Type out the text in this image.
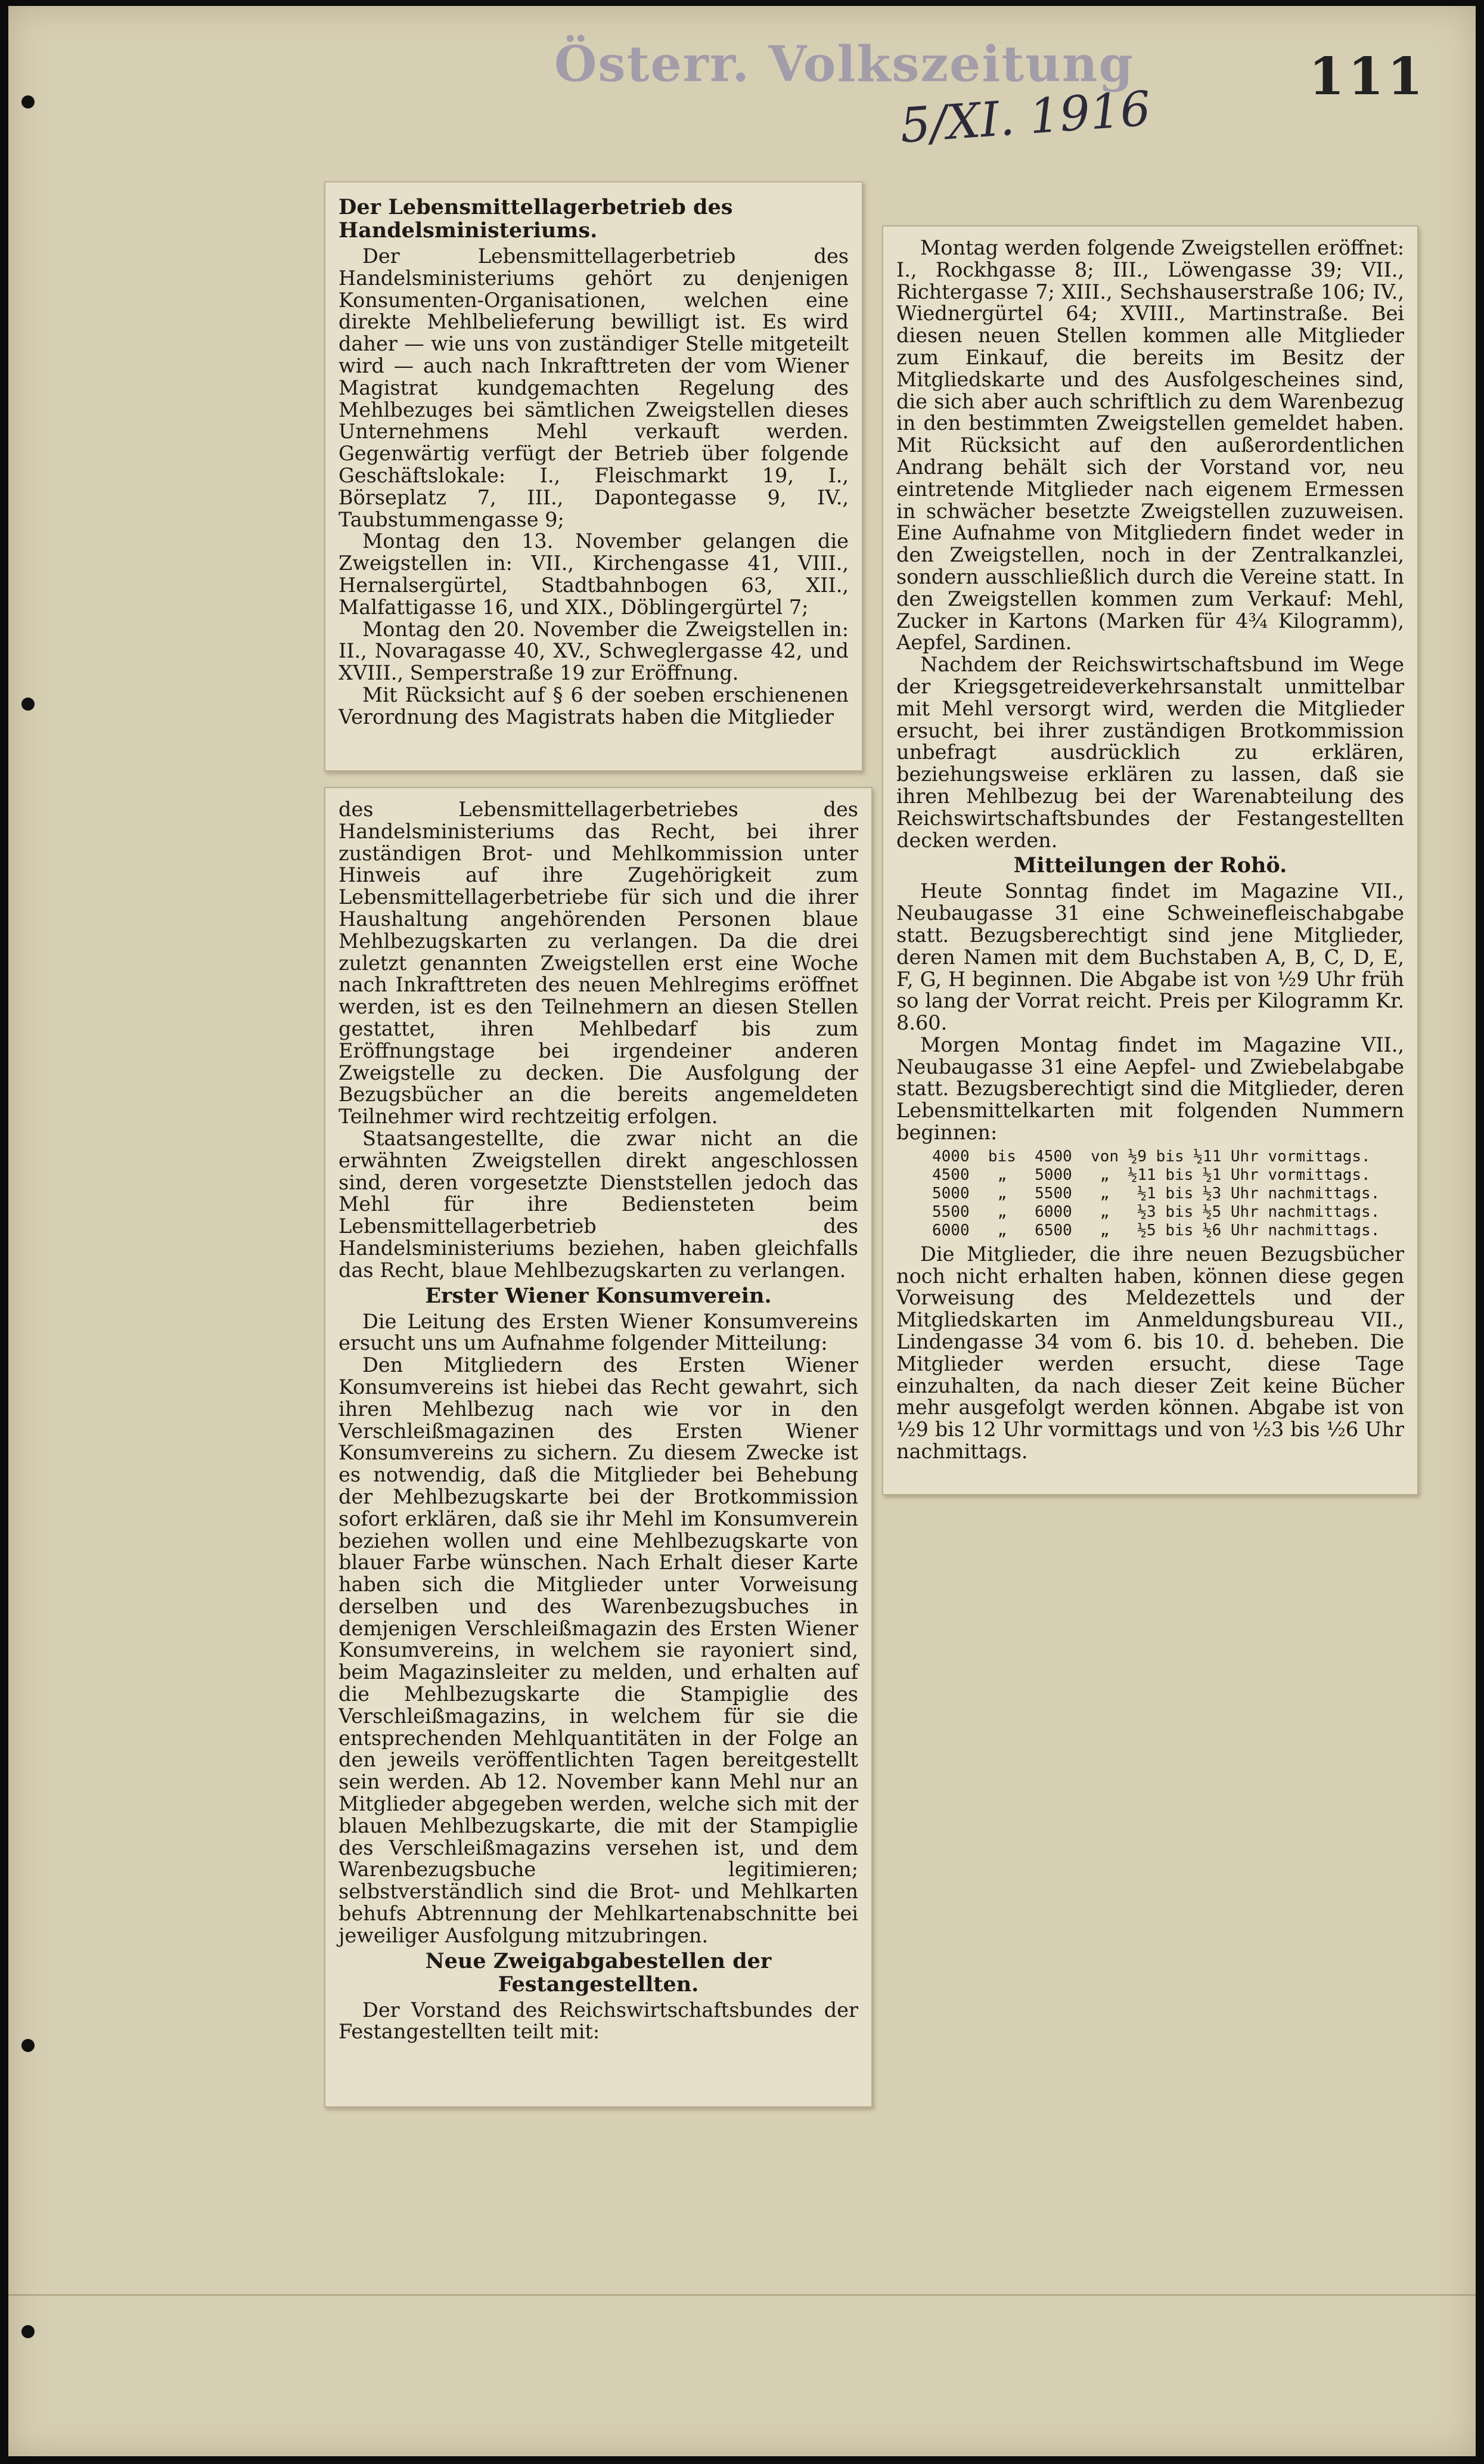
Österr. Volkszeitung	111
5/XI. 1916
Der Lebensmittellagerbetrieb des Handelsministeriums.

Der Lebensmittellagerbetrieb des Handelsministeriums gehört zu denjenigen Konsumenten-Organisationen, welchen eine direkte Mehlbelieferung bewilligt ist. Es wird daher — wie uns von zuständiger Stelle mitgeteilt wird — auch nach Inkrafttreten der vom Wiener Magistrat kundgemachten Regelung des Mehlbezuges bei sämtlichen Zweigstellen dieses Unternehmens Mehl verkauft werden. Gegenwärtig verfügt der Betrieb über folgende Geschäftslokale: I., Fleischmarkt 19, I., Börseplatz 7, III., Dapontegasse 9, IV., Taubstummengasse 9;

Montag den 13. November gelangen die Zweigstellen in: VII., Kirchengasse 41, VIII., Hernalsergürtel, Stadtbahnbogen 63, XII., Malfattigasse 16, und XIX., Döblingergürtel 7;

Montag den 20. November die Zweigstellen in: II., Novaragasse 40, XV., Schweglergasse 42, und XVIII., Semperstraße 19 zur Eröffnung.

Mit Rücksicht auf § 6 der soeben erschienenen Verordnung des Magistrats haben die Mitglieder

des Lebensmittellagerbetriebes des Handelsministeriums das Recht, bei ihrer zuständigen Brot- und Mehlkommission unter Hinweis auf ihre Zugehörigkeit zum Lebensmittellagerbetriebe für sich und die ihrer Haushaltung angehörenden Personen blaue Mehlbezugskarten zu verlangen. Da die drei zuletzt genannten Zweigstellen erst eine Woche nach Inkrafttreten des neuen Mehlregims eröffnet werden, ist es den Teilnehmern an diesen Stellen gestattet, ihren Mehlbedarf bis zum Eröffnungstage bei irgendeiner anderen Zweigstelle zu decken. Die Ausfolgung der Bezugsbücher an die bereits angemeldeten Teilnehmer wird rechtzeitig erfolgen.

Staatsangestellte, die zwar nicht an die erwähnten Zweigstellen direkt angeschlossen sind, deren vorgesetzte Dienststellen jedoch das Mehl für ihre Bediensteten beim Lebensmittellagerbetrieb des Handelsministeriums beziehen, haben gleichfalls das Recht, blaue Mehlbezugskarten zu verlangen.

Erster Wiener Konsumverein.

Die Leitung des Ersten Wiener Konsumvereins ersucht uns um Aufnahme folgender Mitteilung:

Den Mitgliedern des Ersten Wiener Konsumvereins ist hiebei das Recht gewahrt, sich ihren Mehlbezug nach wie vor in den Verschleißmagazinen des Ersten Wiener Konsumvereins zu sichern. Zu diesem Zwecke ist es notwendig, daß die Mitglieder bei Behebung der Mehlbezugskarte bei der Brotkommission sofort erklären, daß sie ihr Mehl im Konsumverein beziehen wollen und eine Mehlbezugskarte von blauer Farbe wünschen. Nach Erhalt dieser Karte haben sich die Mitglieder unter Vorweisung derselben und des Warenbezugsbuches in demjenigen Verschleißmagazin des Ersten Wiener Konsumvereins, in welchem sie rayoniert sind, beim Magazinsleiter zu melden, und erhalten auf die Mehlbezugskarte die Stampiglie des Verschleißmagazins, in welchem für sie die entsprechenden Mehlquantitäten in der Folge an den jeweils veröffentlichten Tagen bereitgestellt sein werden. Ab 12. November kann Mehl nur an Mitglieder abgegeben werden, welche sich mit der blauen Mehlbezugskarte, die mit der Stampiglie des Verschleißmagazins versehen ist, und dem Warenbezugsbuche legitimieren; selbstverständlich sind die Brot- und Mehlkarten behufs Abtrennung der Mehlkartenabschnitte bei jeweiliger Ausfolgung mitzubringen.

Neue Zweigabgabestellen der Festangestellten.

Der Vorstand des Reichswirtschaftsbundes der Festangestellten teilt mit:

Montag werden folgende Zweigstellen eröffnet: I., Rockhgasse 8; III., Löwengasse 39; VII., Richtergasse 7; XIII., Sechshauserstraße 106; IV., Wiednergürtel 64; XVIII., Martinstraße. Bei diesen neuen Stellen kommen alle Mitglieder zum Einkauf, die bereits im Besitz der Mitgliedskarte und des Ausfolgescheines sind, die sich aber auch schriftlich zu dem Warenbezug in den bestimmten Zweigstellen gemeldet haben. Mit Rücksicht auf den außerordentlichen Andrang behält sich der Vorstand vor, neu eintretende Mitglieder nach eigenem Ermessen in schwächer besetzte Zweigstellen zuzuweisen. Eine Aufnahme von Mitgliedern findet weder in den Zweigstellen, noch in der Zentralkanzlei, sondern ausschließlich durch die Vereine statt. In den Zweigstellen kommen zum Verkauf: Mehl, Zucker in Kartons (Marken für 4¾ Kilogramm), Aepfel, Sardinen.

Nachdem der Reichswirtschaftsbund im Wege der Kriegsgetreideverkehrsanstalt unmittelbar mit Mehl versorgt wird, werden die Mitglieder ersucht, bei ihrer zuständigen Brotkommission unbefragt ausdrücklich zu erklären, beziehungsweise erklären zu lassen, daß sie ihren Mehlbezug bei der Warenabteilung des Reichswirtschaftsbundes der Festangestellten decken werden.

Mitteilungen der Rohö.

Heute Sonntag findet im Magazine VII., Neubaugasse 31 eine Schweinefleischabgabe statt. Bezugsberechtigt sind jene Mitglieder, deren Namen mit dem Buchstaben A, B, C, D, E, F, G, H beginnen. Die Abgabe ist von ½9 Uhr früh so lang der Vorrat reicht. Preis per Kilogramm Kr. 8.60.

Morgen Montag findet im Magazine VII., Neubaugasse 31 eine Aepfel- und Zwiebelabgabe statt. Bezugsberechtigt sind die Mitglieder, deren Lebensmittelkarten mit folgenden Nummern beginnen:

4000  bis  4500  von ½9 bis ½11 Uhr vormittags.
4500   „   5000   „  ½11 bis ½1 Uhr vormittags.
5000   „   5500   „   ½1 bis ½3 Uhr nachmittags.
5500   „   6000   „   ½3 bis ½5 Uhr nachmittags.
6000   „   6500   „   ½5 bis ½6 Uhr nachmittags.

Die Mitglieder, die ihre neuen Bezugsbücher noch nicht erhalten haben, können diese gegen Vorweisung des Meldezettels und der Mitgliedskarten im Anmeldungsbureau VII., Lindengasse 34 vom 6. bis 10. d. beheben. Die Mitglieder werden ersucht, diese Tage einzuhalten, da nach dieser Zeit keine Bücher mehr ausgefolgt werden können. Abgabe ist von ½9 bis 12 Uhr vormittags und von ½3 bis ½6 Uhr nachmittags.
